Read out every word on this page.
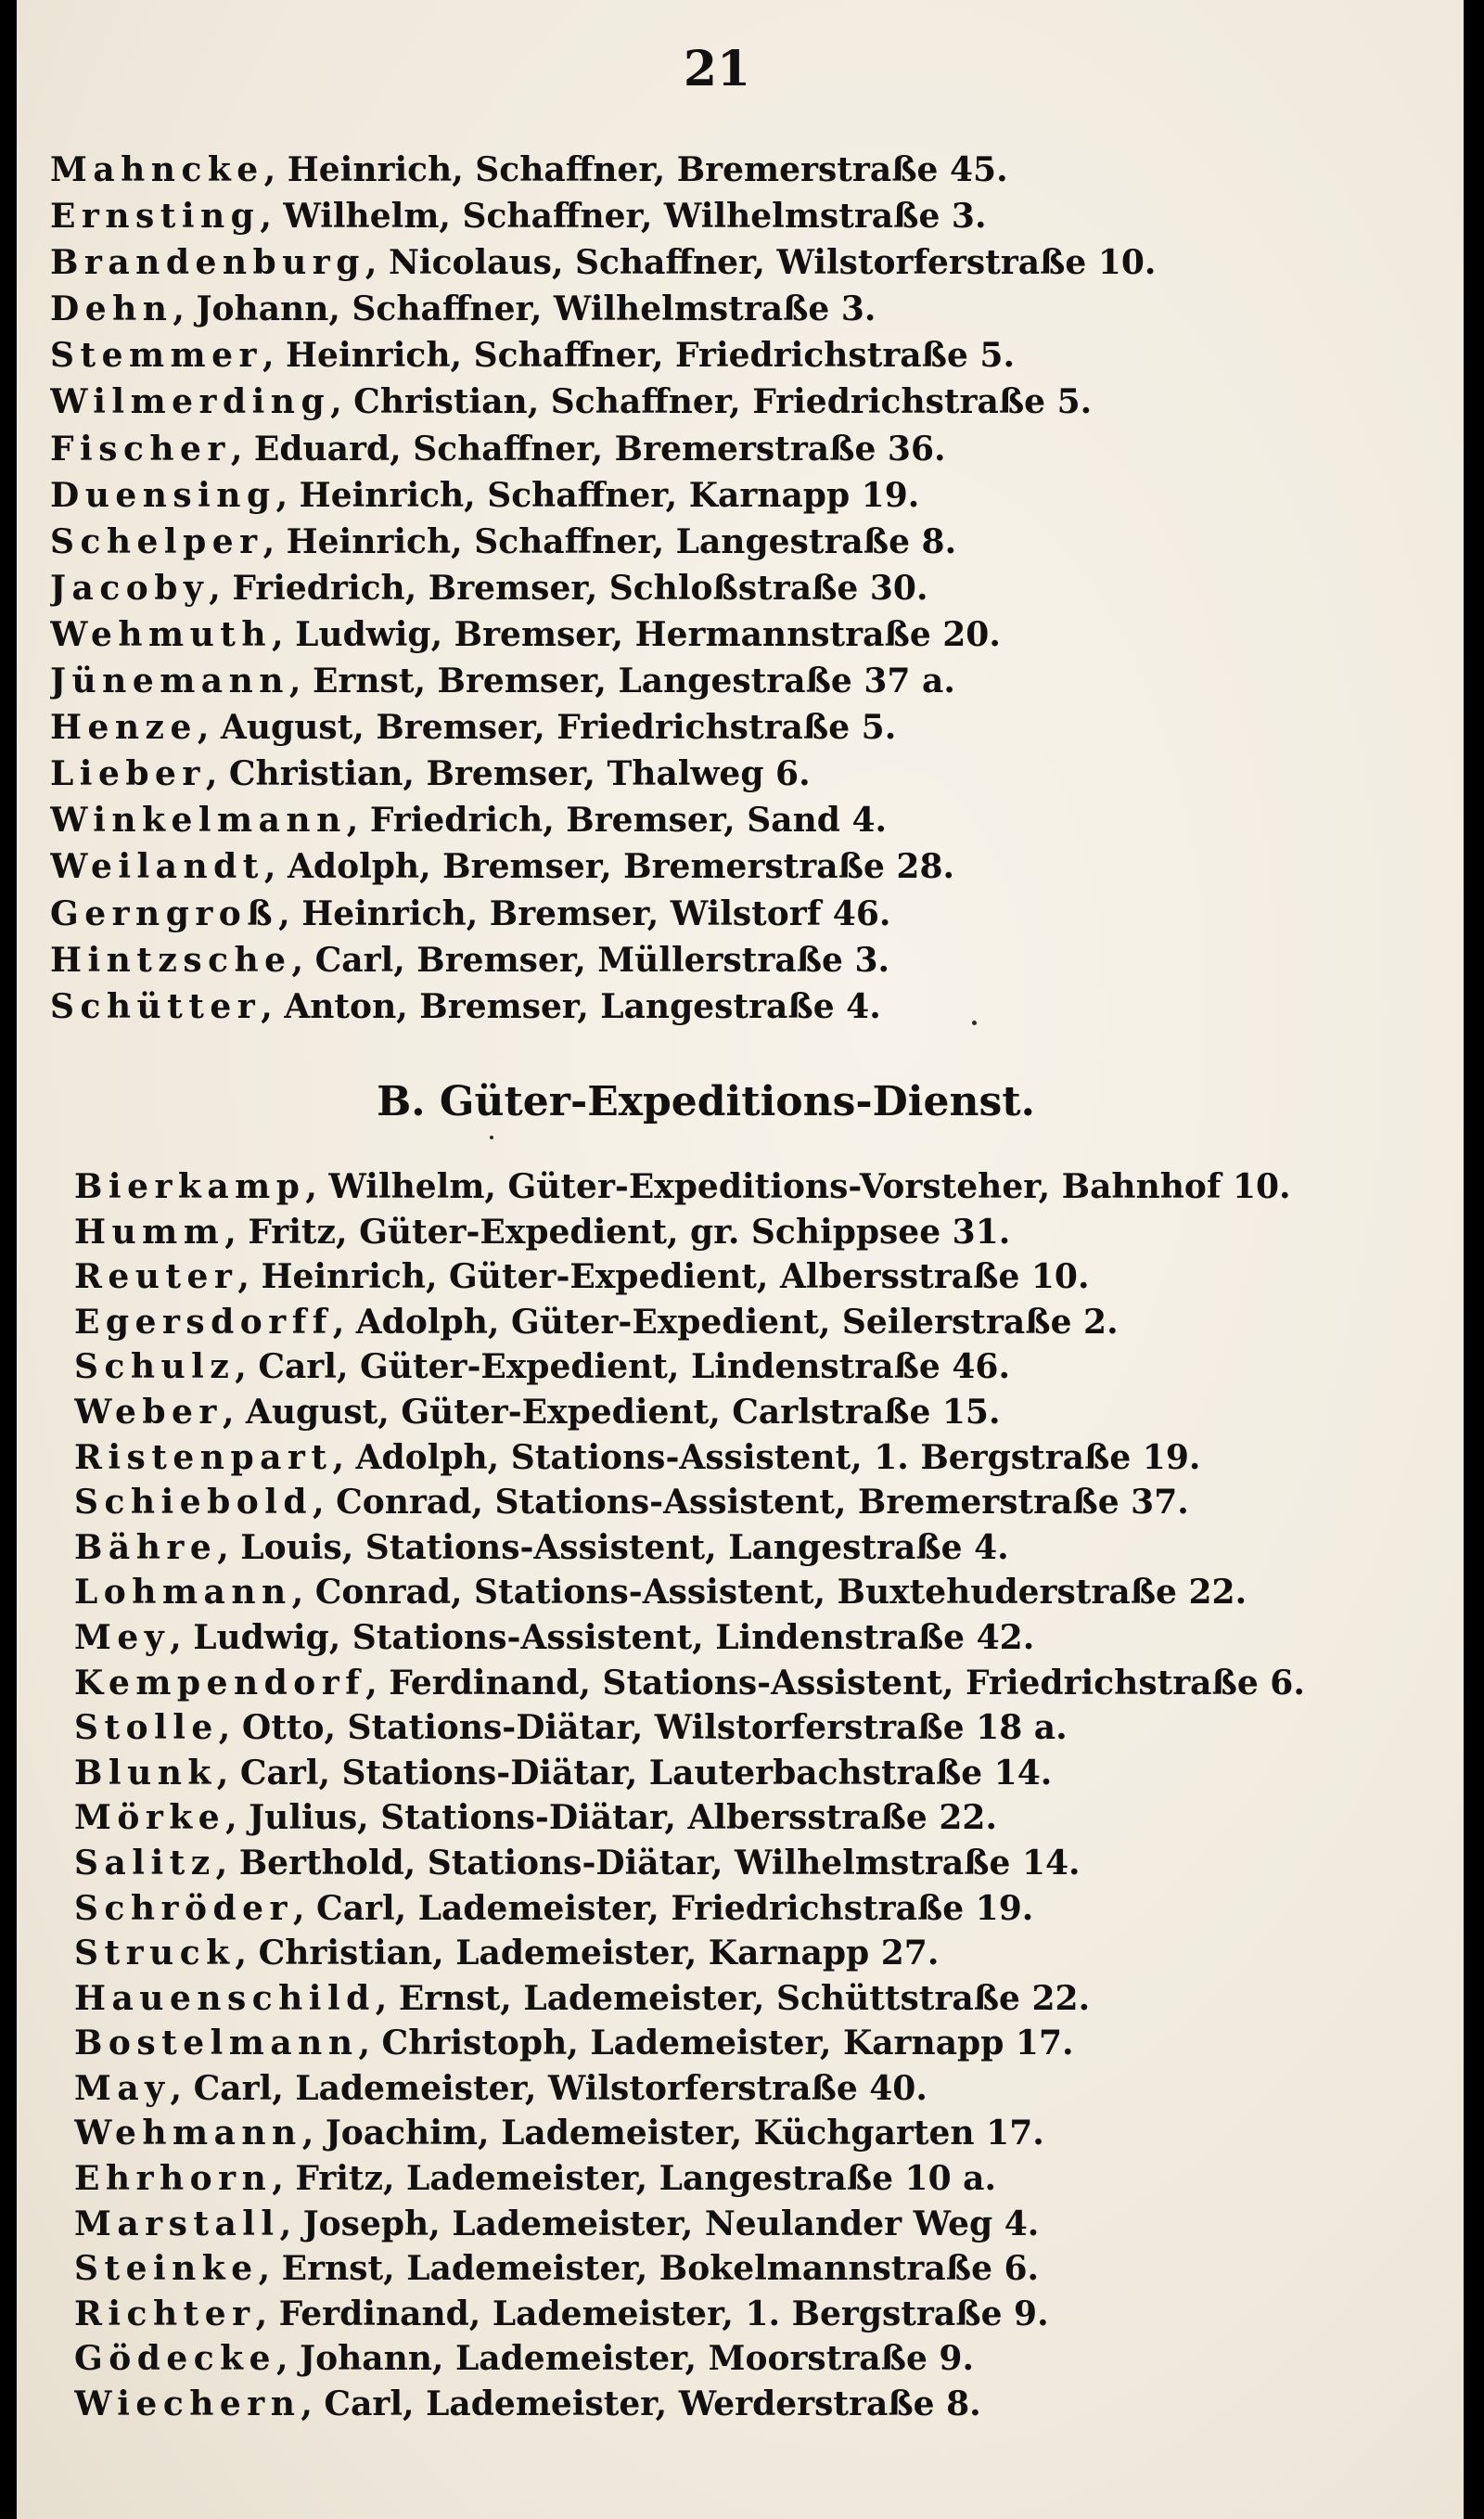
21
Mahncke, Heinrich, Schaffner, Bremerstraße 45.
Ernsting, Wilhelm, Schaffner, Wilhelmstraße 3.
Brandenburg, Nicolaus, Schaffner, Wilstorferstraße 10.
Dehn, Johann, Schaffner, Wilhelmstraße 3.
Stemmer, Heinrich, Schaffner, Friedrichstraße 5.
Wilmerding, Christian, Schaffner, Friedrichstraße 5.
Fischer, Eduard, Schaffner, Bremerstraße 36.
Duensing, Heinrich, Schaffner, Karnapp 19.
Schelper, Heinrich, Schaffner, Langestraße 8.
Jacoby, Friedrich, Bremser, Schloßstraße 30.
Wehmuth, Ludwig, Bremser, Hermannstraße 20.
Jünemann, Ernst, Bremser, Langestraße 37 a.
Henze, August, Bremser, Friedrichstraße 5.
Lieber, Christian, Bremser, Thalweg 6.
Winkelmann, Friedrich, Bremser, Sand 4.
Weilandt, Adolph, Bremser, Bremerstraße 28.
Gerngroß, Heinrich, Bremser, Wilstorf 46.
Hintzsche, Carl, Bremser, Müllerstraße 3.
Schütter, Anton, Bremser, Langestraße 4.
B. Güter-Expeditions-Dienst.
Bierkamp, Wilhelm, Güter-Expeditions-Vorsteher, Bahnhof 10.
Humm, Fritz, Güter-Expedient, gr. Schippsee 31.
Reuter, Heinrich, Güter-Expedient, Albersstraße 10.
Egersdorff, Adolph, Güter-Expedient, Seilerstraße 2.
Schulz, Carl, Güter-Expedient, Lindenstraße 46.
Weber, August, Güter-Expedient, Carlstraße 15.
Ristenpart, Adolph, Stations-Assistent, 1. Bergstraße 19.
Schiebold, Conrad, Stations-Assistent, Bremerstraße 37.
Bähre, Louis, Stations-Assistent, Langestraße 4.
Lohmann, Conrad, Stations-Assistent, Buxtehuderstraße 22.
Mey, Ludwig, Stations-Assistent, Lindenstraße 42.
Kempendorf, Ferdinand, Stations-Assistent, Friedrichstraße 6.
Stolle, Otto, Stations-Diätar, Wilstorferstraße 18 a.
Blunk, Carl, Stations-Diätar, Lauterbachstraße 14.
Mörke, Julius, Stations-Diätar, Albersstraße 22.
Salitz, Berthold, Stations-Diätar, Wilhelmstraße 14.
Schröder, Carl, Lademeister, Friedrichstraße 19.
Struck, Christian, Lademeister, Karnapp 27.
Hauenschild, Ernst, Lademeister, Schüttstraße 22.
Bostelmann, Christoph, Lademeister, Karnapp 17.
May, Carl, Lademeister, Wilstorferstraße 40.
Wehmann, Joachim, Lademeister, Küchgarten 17.
Ehrhorn, Fritz, Lademeister, Langestraße 10 a.
Marstall, Joseph, Lademeister, Neulander Weg 4.
Steinke, Ernst, Lademeister, Bokelmannstraße 6.
Richter, Ferdinand, Lademeister, 1. Bergstraße 9.
Gödecke, Johann, Lademeister, Moorstraße 9.
Wiechern, Carl, Lademeister, Werderstraße 8.
